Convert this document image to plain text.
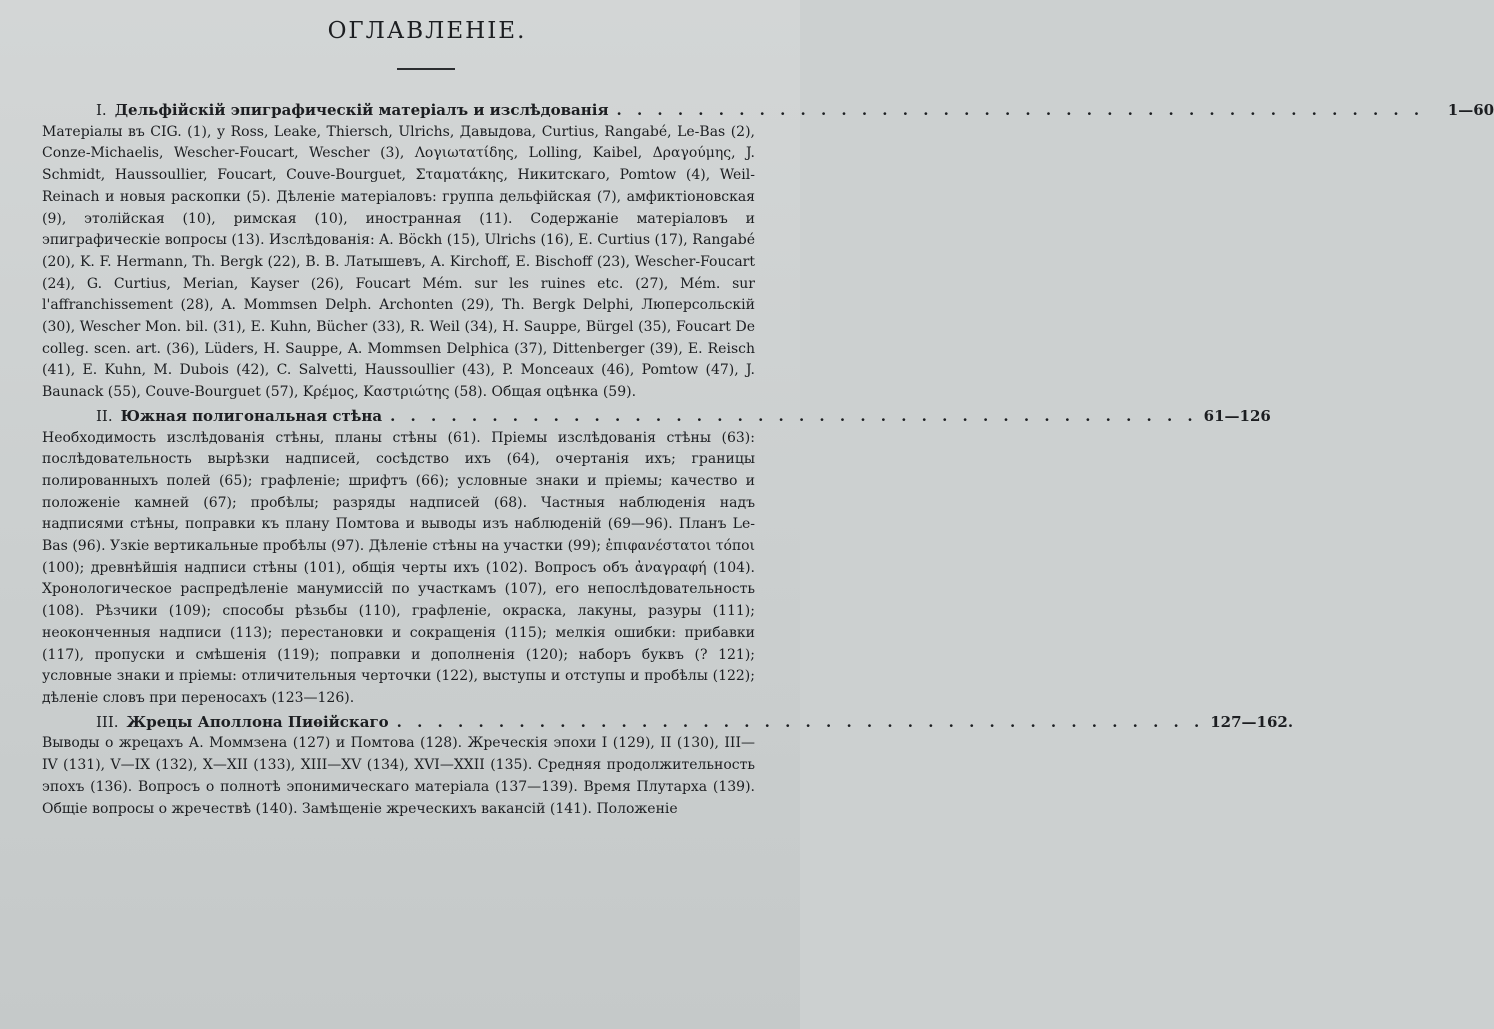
ОГЛАВЛЕНІЕ.
I. Дельфійскій эпиграфическій матеріалъ и изслѣдованія . . . . . . . . . . . . . . . . . . . . . . . . . . . . . . . . . . . . . . . .	1—60

Матеріалы въ CIG. (1), у Ross, Leake, Thiersch, Ulrichs, Давыдова, Curtius, Rangabé, Le-Bas (2), Conze-Michaelis, Wescher-Foucart, Wescher (3), Λογιωτατίδης, Lolling, Kaibel, Δραγούμης, J. Schmidt, Haussoullier, Foucart, Couve-Bourguet, Σταματάκης, Никитскаго, Pomtow (4), Weil-Reinach и новыя раскопки (5). Дѣленіе матеріаловъ: группа дельфійская (7), амфиктіоновская (9), этолійская (10), римская (10), иностранная (11). Содержаніе матеріаловъ и эпиграфическіе вопросы (13). Изслѣдованія: A. Böckh (15), Ulrichs (16), E. Curtius (17), Rangabé (20), K. F. Hermann, Th. Bergk (22), В. В. Латышевъ, A. Kirchoff, E. Bischoff (23), Wescher-Foucart (24), G. Curtius, Merian, Kayser (26), Foucart Mém. sur les ruines etc. (27), Mém. sur l'affranchissement (28), A. Mommsen Delph. Archonten (29), Th. Bergk Delphi, Люперсольскій (30), Wescher Mon. bil. (31), E. Kuhn, Bücher (33), R. Weil (34), H. Sauppe, Bürgel (35), Foucart De colleg. scen. art. (36), Lüders, H. Sauppe, A. Mommsen Delphica (37), Dittenberger (39), E. Reisch (41), E. Kuhn, M. Dubois (42), C. Salvetti, Haussoullier (43), P. Monceaux (46), Pomtow (47), J. Baunack (55), Couve-Bourguet (57), Κρέμος, Καστριώτης (58). Общая оцѣнка (59).

II. Южная полигональная стѣна . . . . . . . . . . . . . . . . . . . . . . . . . . . . . . . . . . . . . . . . 61—126

Необходимость изслѣдованія стѣны, планы стѣны (61). Пріемы изслѣдованія стѣны (63): послѣдовательность вырѣзки надписей, сосѣдство ихъ (64), очертанія ихъ; границы полированныхъ полей (65); графленіе; шрифтъ (66); условные знаки и пріемы; качество и положеніе камней (67); пробѣлы; разряды надписей (68). Частныя наблюденія надъ надписями стѣны, поправки къ плану Помтова и выводы изъ наблюденій (69—96). Планъ Le-Bas (96). Узкіе вертикальные пробѣлы (97). Дѣленіе стѣны на участки (99); ἐπιφανέστατοι τόποι (100); древнѣйшія надписи стѣны (101), общія черты ихъ (102). Вопросъ объ ἀναγραφή (104). Хронологическое распредѣленіе манумиссій по участкамъ (107), его непослѣдовательность (108). Рѣзчики (109); способы рѣзьбы (110), графленіе, окраска, лакуны, разуры (111); неоконченныя надписи (113); перестановки и сокращенія (115); мелкія ошибки: прибавки (117), пропуски и смѣшенія (119); поправки и дополненія (120); наборъ буквъ (? 121); условные знаки и пріемы: отличительныя черточки (122), выступы и отступы и пробѣлы (122); дѣленіе словъ при переносахъ (123—126).

III. Жрецы Аполлона Пиѳійскаго . . . . . . . . . . . . . . . . . . . . . . . . . . . . . . . . . . . . . . . . 127—162.

Выводы о жрецахъ А. Моммзена (127) и Помтова (128). Жреческія эпохи I (129), II (130), III—IV (131), V—IX (132), X—XII (133), XIII—XV (134), XVI—XXII (135). Средняя продолжительность эпохъ (136). Вопросъ о полнотѣ эпонимическаго матеріала (137—139). Время Плутарха (139). Общіе вопросы о жречествѣ (140). Замѣщеніе жреческихъ вакансій (141). Положеніе
